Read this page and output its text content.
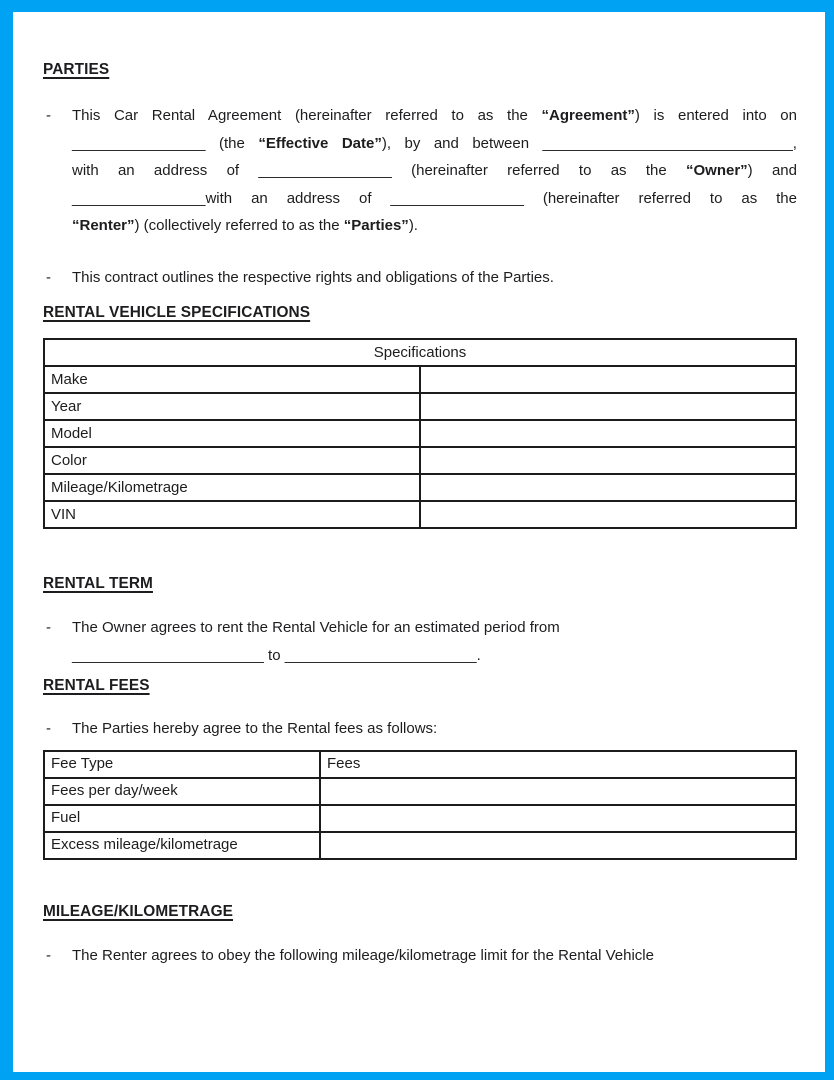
PARTIES
-	This Car Rental Agreement (hereinafter referred to as the “Agreement”) is entered into on
________________ (the “Effective Date”), by and between ______________________________,
with an address of ________________ (hereinafter referred to as the “Owner”) and
________________with an address of ________________ (hereinafter referred to as the
“Renter”) (collectively referred to as the “Parties”).
-	This contract outlines the respective rights and obligations of the Parties.
RENTAL VEHICLE SPECIFICATIONS
Specifications	
Make	
Year	
Model	
Color	
Mileage/Kilometrage	
VIN	
RENTAL TERM
-	The Owner agrees to rent the Rental Vehicle for an estimated period from
_______________________ to _______________________.
RENTAL FEES
-	The Parties hereby agree to the Rental fees as follows:
Fee Type	Fees
Fees per day/week	
Fuel	
Excess mileage/kilometrage	
MILEAGE/KILOMETRAGE
-	The Renter agrees to obey the following mileage/kilometrage limit for the Rental Vehicle
